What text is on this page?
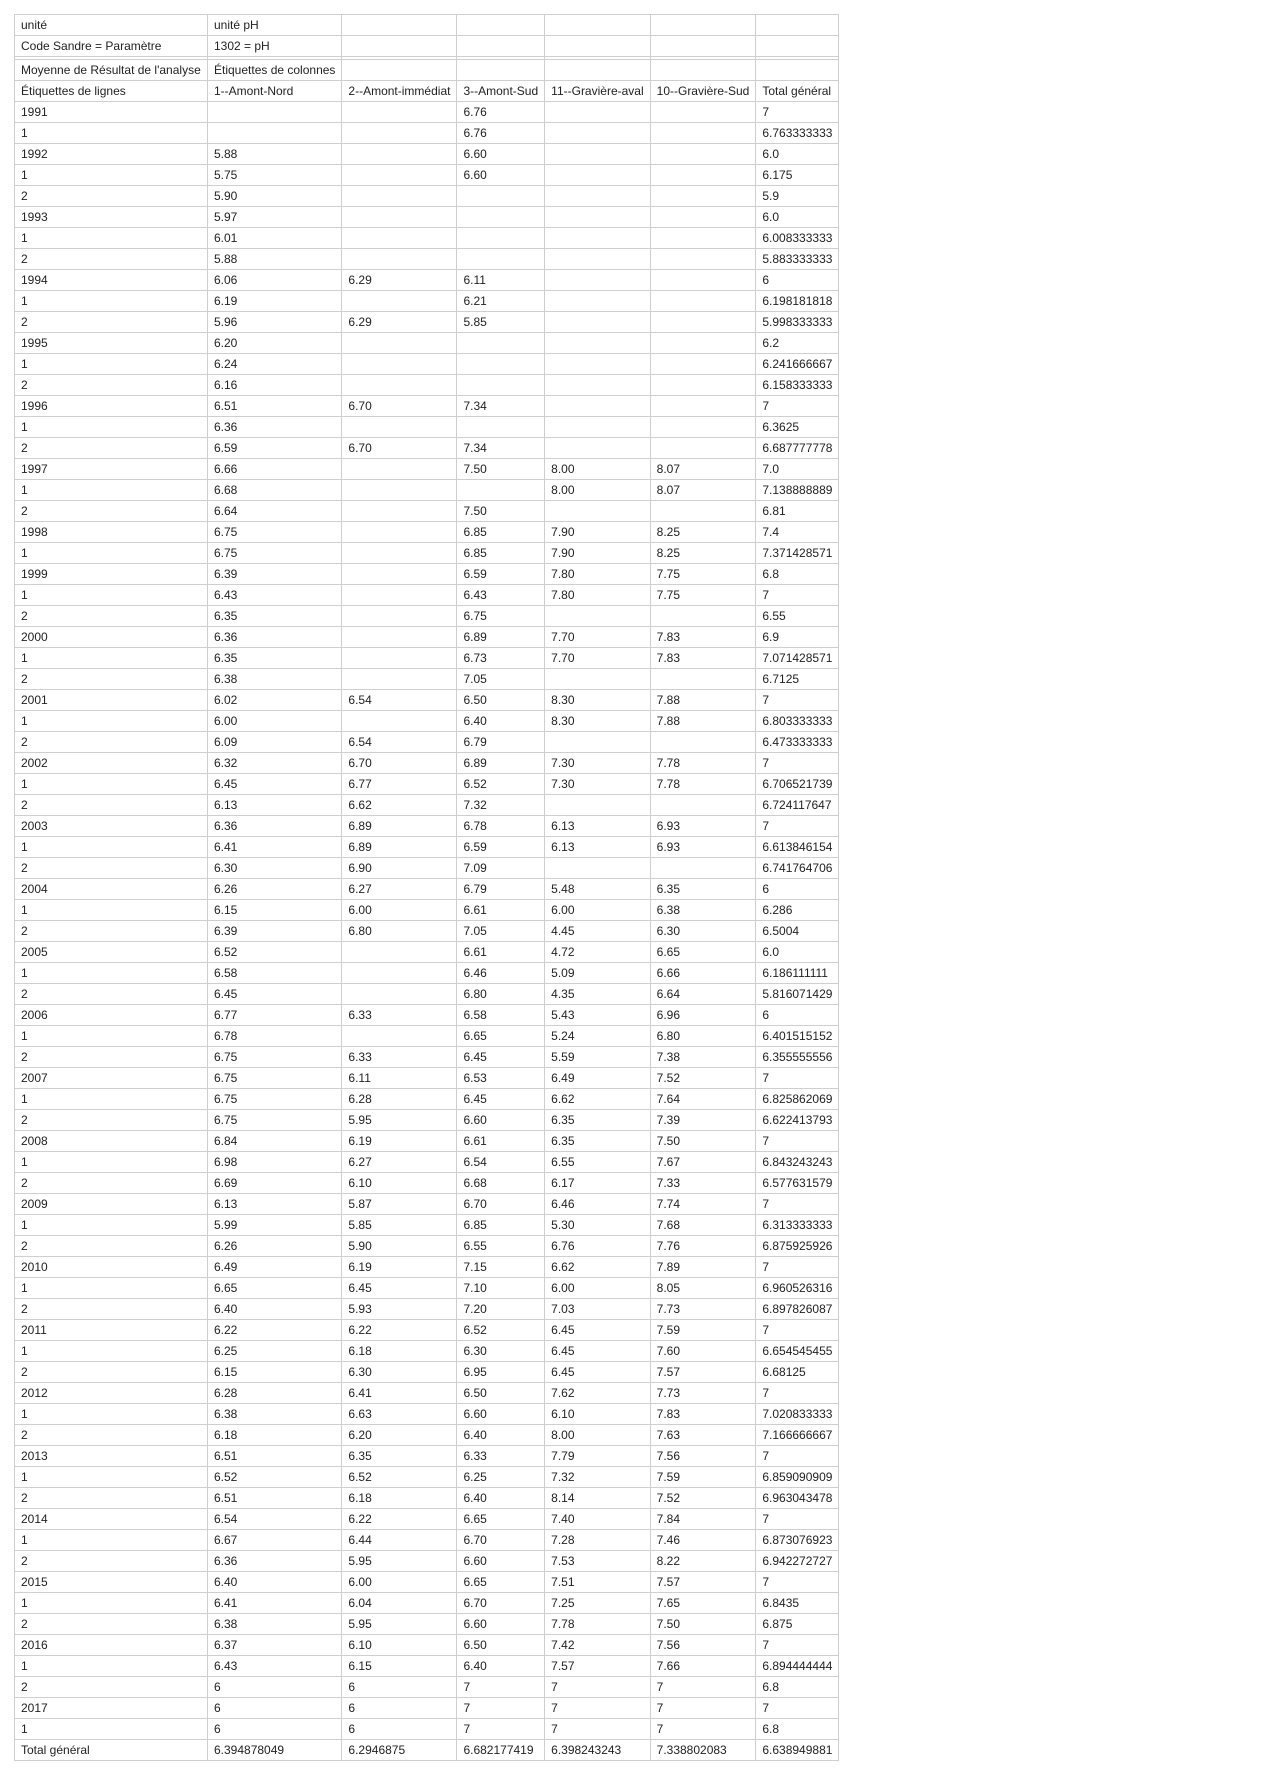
unité	unité pH					
Code Sandre = Paramètre	1302 = pH					

Moyenne de Résultat de l'analyse	Étiquettes de colonnes					
Étiquettes de lignes	1--Amont-Nord	2--Amont-immédiat	3--Amont-Sud	11--Gravière-aval	10--Gravière-Sud	Total général
1991			6.76			7
1			6.76			6.763333333
1992	5.88		6.60			6.0
1	5.75		6.60			6.175
2	5.90					5.9
1993	5.97					6.0
1	6.01					6.008333333
2	5.88					5.883333333
1994	6.06	6.29	6.11			6
1	6.19		6.21			6.198181818
2	5.96	6.29	5.85			5.998333333
1995	6.20					6.2
1	6.24					6.241666667
2	6.16					6.158333333
1996	6.51	6.70	7.34			7
1	6.36					6.3625
2	6.59	6.70	7.34			6.687777778
1997	6.66		7.50	8.00	8.07	7.0
1	6.68			8.00	8.07	7.138888889
2	6.64		7.50			6.81
1998	6.75		6.85	7.90	8.25	7.4
1	6.75		6.85	7.90	8.25	7.371428571
1999	6.39		6.59	7.80	7.75	6.8
1	6.43		6.43	7.80	7.75	7
2	6.35		6.75			6.55
2000	6.36		6.89	7.70	7.83	6.9
1	6.35		6.73	7.70	7.83	7.071428571
2	6.38		7.05			6.7125
2001	6.02	6.54	6.50	8.30	7.88	7
1	6.00		6.40	8.30	7.88	6.803333333
2	6.09	6.54	6.79			6.473333333
2002	6.32	6.70	6.89	7.30	7.78	7
1	6.45	6.77	6.52	7.30	7.78	6.706521739
2	6.13	6.62	7.32			6.724117647
2003	6.36	6.89	6.78	6.13	6.93	7
1	6.41	6.89	6.59	6.13	6.93	6.613846154
2	6.30	6.90	7.09			6.741764706
2004	6.26	6.27	6.79	5.48	6.35	6
1	6.15	6.00	6.61	6.00	6.38	6.286
2	6.39	6.80	7.05	4.45	6.30	6.5004
2005	6.52		6.61	4.72	6.65	6.0
1	6.58		6.46	5.09	6.66	6.186111111
2	6.45		6.80	4.35	6.64	5.816071429
2006	6.77	6.33	6.58	5.43	6.96	6
1	6.78		6.65	5.24	6.80	6.401515152
2	6.75	6.33	6.45	5.59	7.38	6.355555556
2007	6.75	6.11	6.53	6.49	7.52	7
1	6.75	6.28	6.45	6.62	7.64	6.825862069
2	6.75	5.95	6.60	6.35	7.39	6.622413793
2008	6.84	6.19	6.61	6.35	7.50	7
1	6.98	6.27	6.54	6.55	7.67	6.843243243
2	6.69	6.10	6.68	6.17	7.33	6.577631579
2009	6.13	5.87	6.70	6.46	7.74	7
1	5.99	5.85	6.85	5.30	7.68	6.313333333
2	6.26	5.90	6.55	6.76	7.76	6.875925926
2010	6.49	6.19	7.15	6.62	7.89	7
1	6.65	6.45	7.10	6.00	8.05	6.960526316
2	6.40	5.93	7.20	7.03	7.73	6.897826087
2011	6.22	6.22	6.52	6.45	7.59	7
1	6.25	6.18	6.30	6.45	7.60	6.654545455
2	6.15	6.30	6.95	6.45	7.57	6.68125
2012	6.28	6.41	6.50	7.62	7.73	7
1	6.38	6.63	6.60	6.10	7.83	7.020833333
2	6.18	6.20	6.40	8.00	7.63	7.166666667
2013	6.51	6.35	6.33	7.79	7.56	7
1	6.52	6.52	6.25	7.32	7.59	6.859090909
2	6.51	6.18	6.40	8.14	7.52	6.963043478
2014	6.54	6.22	6.65	7.40	7.84	7
1	6.67	6.44	6.70	7.28	7.46	6.873076923
2	6.36	5.95	6.60	7.53	8.22	6.942272727
2015	6.40	6.00	6.65	7.51	7.57	7
1	6.41	6.04	6.70	7.25	7.65	6.8435
2	6.38	5.95	6.60	7.78	7.50	6.875
2016	6.37	6.10	6.50	7.42	7.56	7
1	6.43	6.15	6.40	7.57	7.66	6.894444444
2	6	6	7	7	7	6.8
2017	6	6	7	7	7	7
1	6	6	7	7	7	6.8
Total général	6.394878049	6.2946875	6.682177419	6.398243243	7.338802083	6.638949881
